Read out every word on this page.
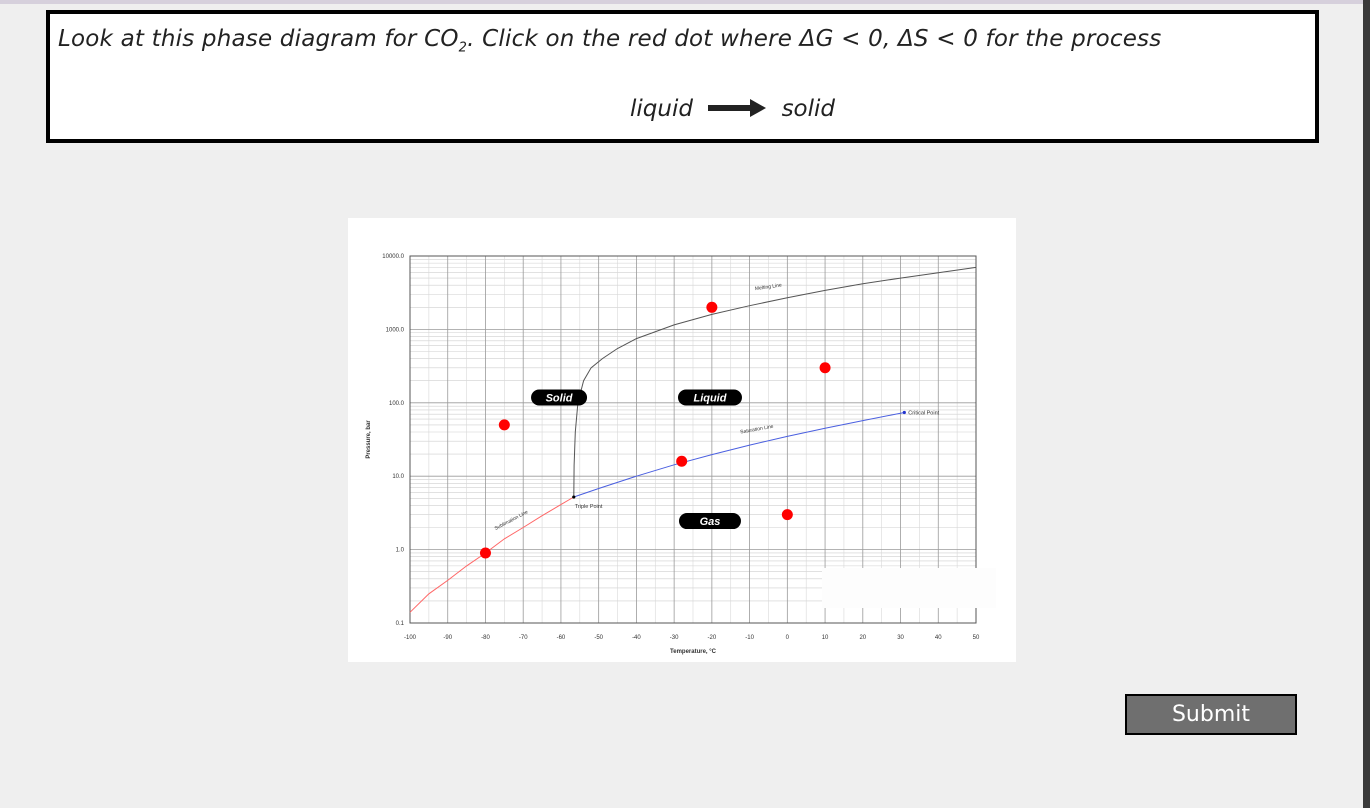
Look at this phase diagram for $CO_2$. Click on the red dot where ΔG < 0, ΔS < 0 for the process
liquid	solid
-100	-90	-80	-70	-60	-50	-40	-30	-20	-10	0	10	20	30	40	50
0.1
1.0
10.0
100.0
1000.0
10000.0
Temperature, °C
Pressure, bar
Sublimation Line
Saturation Line
Melting Line
Triple Point
Critical Point
Solid	Liquid
Gas
Submit
